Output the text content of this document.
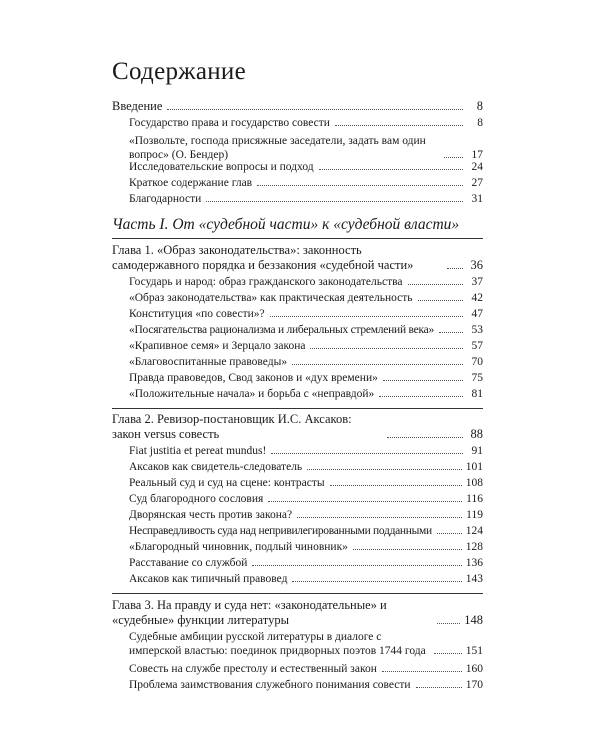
Содержание
Введение	8
Государство права и государство совести	8
«Позвольте, господа присяжные заседатели, задать вам один вопрос» (О. Бендер)	17
Исследовательские вопросы и подход	24
Краткое содержание глав	27
Благодарности	31
Часть I. От «судебной части» к «судебной власти»
Глава 1. «Образ законодательства»: законность самодержавного порядка и беззакония «судебной части»	36
Государь и народ: образ гражданского законодательства	37
«Образ законодательства» как практическая деятельность	42
Конституция «по совести»?	47
«Посягательства рационализма и либеральных стремлений века»	53
«Крапивное семя» и Зерцало закона	57
«Благовоспитанные правоведы»	70
Правда правоведов, Свод законов и «дух времени»	75
«Положительные начала» и борьба с «неправдой»	81
Глава 2. Ревизор-постановщик И.С. Аксаков: закон versus совесть	88
Fiat justitia et pereat mundus!	91
Аксаков как свидетель-следователь	101
Реальный суд и суд на сцене: контрасты	108
Суд благородного сословия	116
Дворянская честь против закона?	119
Несправедливость суда над непривилегированными подданными	124
«Благородный чиновник, подлый чиновник»	128
Расставание со службой	136
Аксаков как типичный правовед	143
Глава 3. На правду и суда нет: «законодательные» и «судебные» функции литературы	148
Судебные амбиции русской литературы в диалоге с имперской властью: поединок придворных поэтов 1744 года	151
Совесть на службе престолу и естественный закон	160
Проблема заимствования служебного понимания совести	170
